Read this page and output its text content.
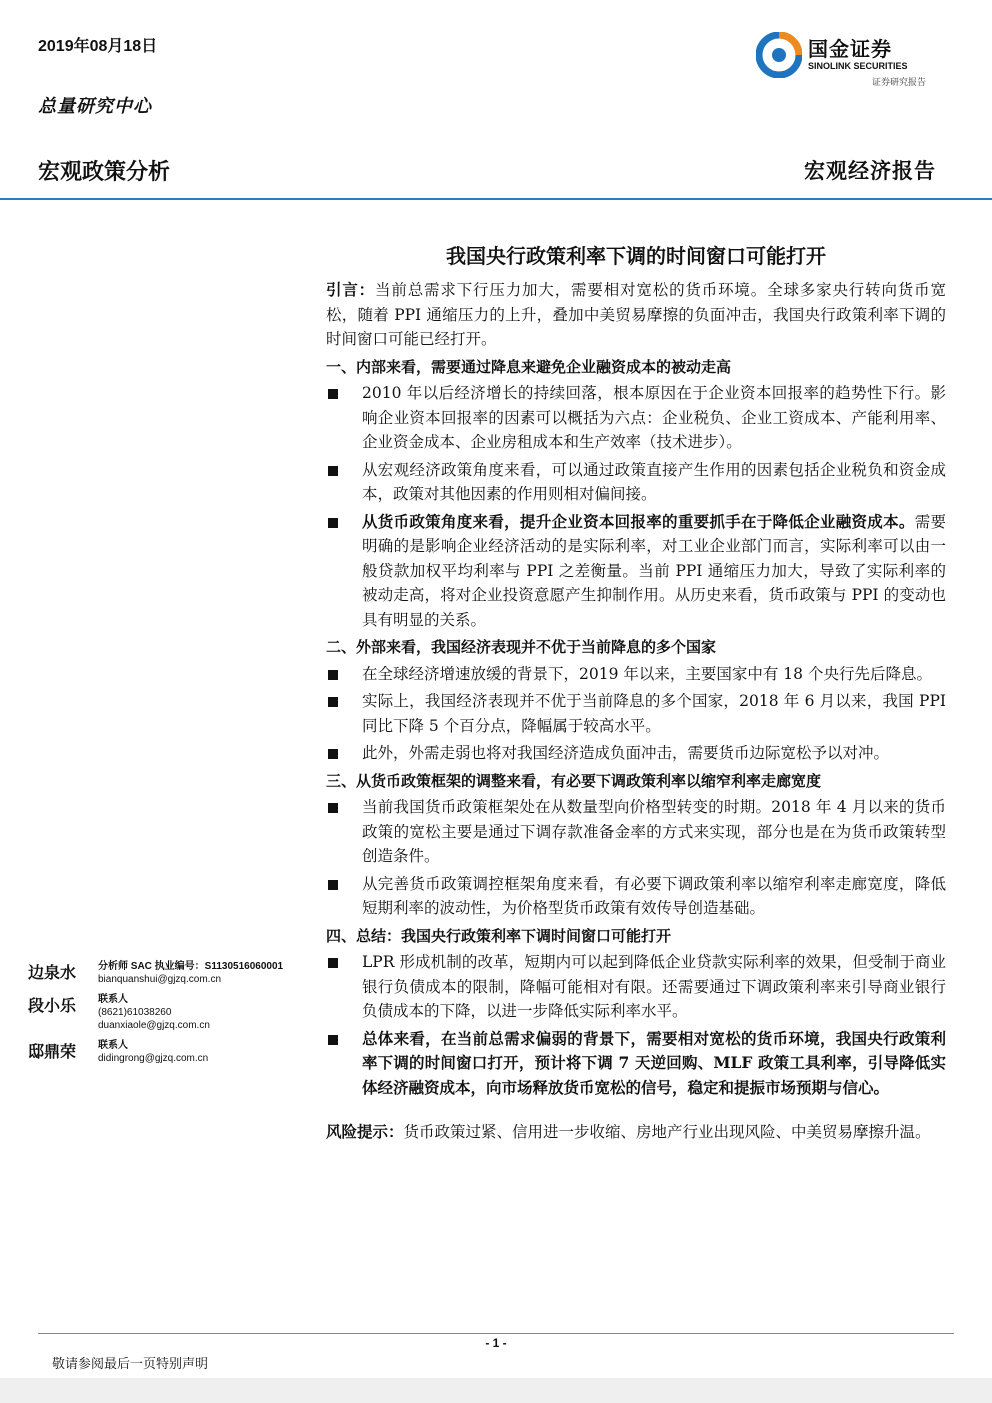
2019年08月18日
总量研究中心
宏观政策分析	宏观经济报告
国金证券
SINOLINK SECURITIES
证券研究报告
我国央行政策利率下调的时间窗口可能打开
引言：当前总需求下行压力加大，需要相对宽松的货币环境。全球多家央行转向货币宽松，随着 PPI 通缩压力的上升，叠加中美贸易摩擦的负面冲击，我国央行政策利率下调的时间窗口可能已经打开。
一、内部来看，需要通过降息来避免企业融资成本的被动走高
2010 年以后经济增长的持续回落，根本原因在于企业资本回报率的趋势性下行。影响企业资本回报率的因素可以概括为六点：企业税负、企业工资成本、产能利用率、企业资金成本、企业房租成本和生产效率（技术进步）。
从宏观经济政策角度来看，可以通过政策直接产生作用的因素包括企业税负和资金成本，政策对其他因素的作用则相对偏间接。
从货币政策角度来看，提升企业资本回报率的重要抓手在于降低企业融资成本。需要明确的是影响企业经济活动的是实际利率，对工业企业部门而言，实际利率可以由一般贷款加权平均利率与 PPI 之差衡量。当前 PPI 通缩压力加大，导致了实际利率的被动走高，将对企业投资意愿产生抑制作用。从历史来看，货币政策与 PPI 的变动也具有明显的关系。
二、外部来看，我国经济表现并不优于当前降息的多个国家
在全球经济增速放缓的背景下，2019 年以来，主要国家中有 18 个央行先后降息。
实际上，我国经济表现并不优于当前降息的多个国家，2018 年 6 月以来，我国 PPI 同比下降 5 个百分点，降幅属于较高水平。
此外，外需走弱也将对我国经济造成负面冲击，需要货币边际宽松予以对冲。
三、从货币政策框架的调整来看，有必要下调政策利率以缩窄利率走廊宽度
当前我国货币政策框架处在从数量型向价格型转变的时期。2018 年 4 月以来的货币政策的宽松主要是通过下调存款准备金率的方式来实现，部分也是在为货币政策转型创造条件。
从完善货币政策调控框架角度来看，有必要下调政策利率以缩窄利率走廊宽度，降低短期利率的波动性，为价格型货币政策有效传导创造基础。
四、总结：我国央行政策利率下调时间窗口可能打开
LPR 形成机制的改革，短期内可以起到降低企业贷款实际利率的效果，但受制于商业银行负债成本的限制，降幅可能相对有限。还需要通过下调政策利率来引导商业银行负债成本的下降，以进一步降低实际利率水平。
总体来看，在当前总需求偏弱的背景下，需要相对宽松的货币环境，我国央行政策利率下调的时间窗口打开，预计将下调 7 天逆回购、MLF 政策工具利率，引导降低实体经济融资成本，向市场释放货币宽松的信号，稳定和提振市场预期与信心。
风险提示：货币政策过紧、信用进一步收缩、房地产行业出现风险、中美贸易摩擦升温。
边泉水	分析师 SAC 执业编号：S1130516060001
bianquanshui@gjzq.com.cn
段小乐	联系人
(8621)61038260
duanxiaole@gjzq.com.cn
邸鼎荣	联系人
didingrong@gjzq.com.cn
- 1 -
敬请参阅最后一页特别声明
